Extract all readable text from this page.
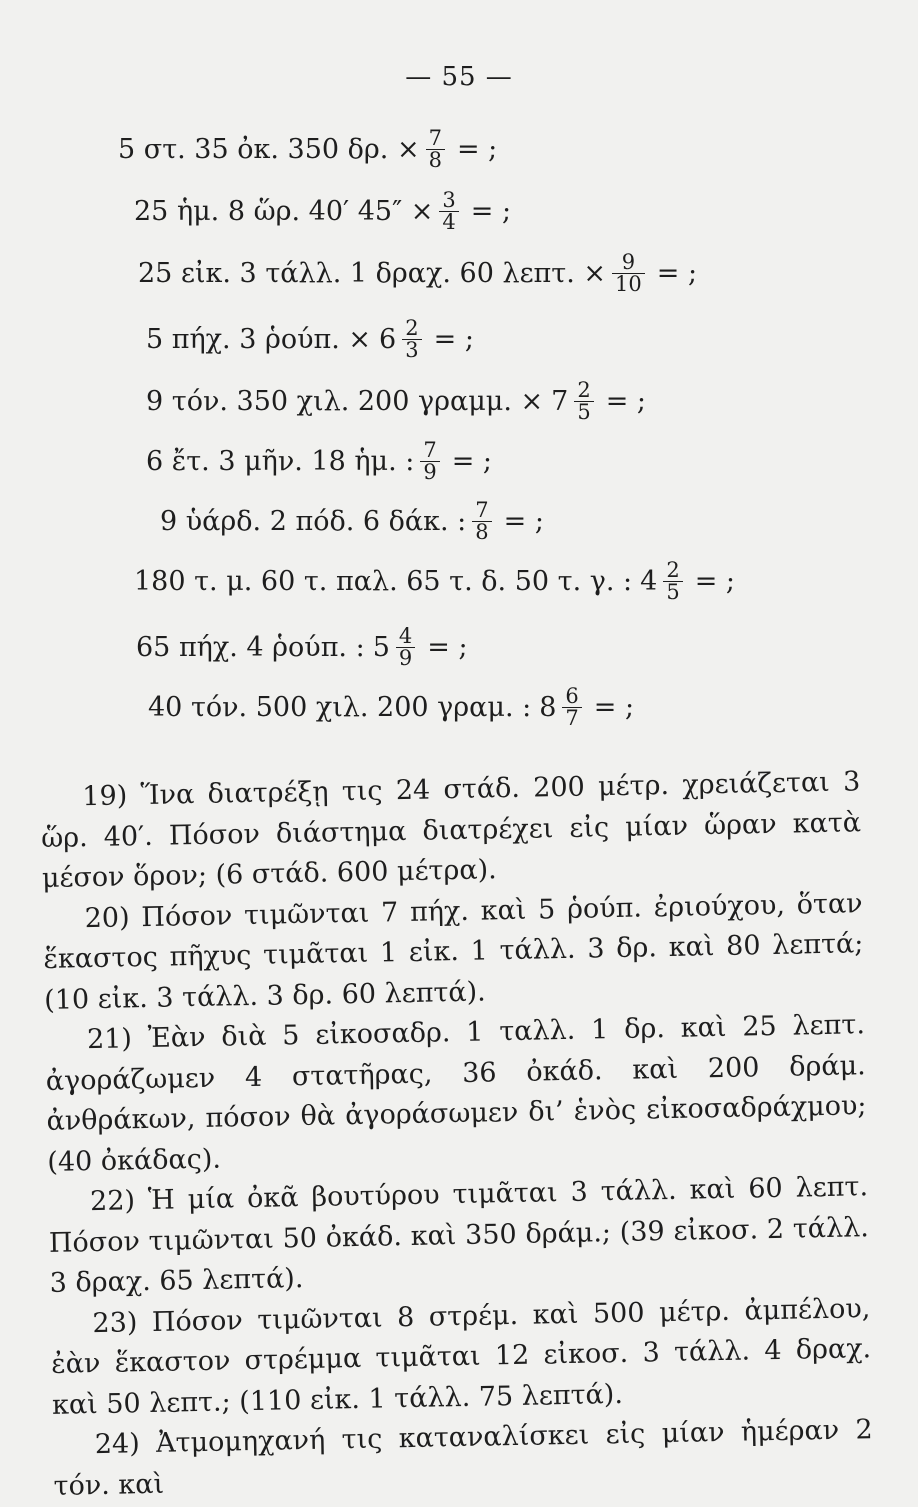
— 55 —
5 στ. 35 ὀκ. 350 δρ. × $\frac{7}{8}$ = ;
25 ἡμ. 8 ὥρ. 40′ $45'' \times \frac{3}{4}$ = ;
25 εἰκ. 3 τάλλ. 1 δραχ. 60 λεπτ. × $\frac{9}{10}$ = ;
5 πήχ. 3 ῥούπ. × $6 \frac{2}{3}$ = ;
9 τόν. 350 χιλ. 200 γραμμ. × $7 \frac{2}{5}$ = ;
6 ἔτ. 3 μῆν. 18 ἡμ. : $\frac{7}{9}$ = ;
9 ὑάρδ. 2 πόδ. 6 δάκ. : $\frac{7}{8}$ = ;
180 τ. μ. 60 τ. παλ. 65 τ. δ. 50 τ. γ. : $4 \frac{2}{5}$ = ;
65 πήχ. 4 ῥούπ. : $5 \frac{4}{9}$ = ;
40 τόν. 500 χιλ. 200 γραμ. : $8 \frac{6}{7}$ = ;

19) Ἵνα διατρέξῃ τις 24 στάδ. 200 μέτρ. χρειάζεται 3 ὥρ. 40′. Πόσον διάστημα διατρέχει εἰς μίαν ὥραν κατὰ μέσον ὅρον; (6 στάδ. 600 μέτρα).

20) Πόσον τιμῶνται 7 πήχ. καὶ 5 ῥούπ. ἐριούχου, ὅταν ἕκαστος πῆχυς τιμᾶται 1 εἰκ. 1 τάλλ. 3 δρ. καὶ 80 λεπτά; (10 εἰκ. 3 τάλλ. 3 δρ. 60 λεπτά).

21) Ἐὰν διὰ 5 εἰκοσαδρ. 1 ταλλ. 1 δρ. καὶ 25 λεπτ. ἀγοράζωμεν 4 στατῆρας, 36 ὀκάδ. καὶ 200 δράμ. ἀνθράκων, πόσον θὰ ἀγοράσωμεν δι’ ἑνὸς εἰκοσαδράχμου; (40 ὀκάδας).

22) Ἡ μία ὀκᾶ βουτύρου τιμᾶται 3 τάλλ. καὶ 60 λεπτ. Πόσον τιμῶνται 50 ὀκάδ. καὶ 350 δράμ.; (39 εἰκοσ. 2 τάλλ. 3 δραχ. 65 λεπτά).

23) Πόσον τιμῶνται 8 στρέμ. καὶ 500 μέτρ. ἀμπέλου, ἐὰν ἕκαστον στρέμμα τιμᾶται 12 εἰκοσ. 3 τάλλ. 4 δραχ. καὶ 50 λεπτ.; (110 εἰκ. 1 τάλλ. 75 λεπτά).

24) Ἀτμομηχανή τις καταναλίσκει εἰς μίαν ἡμέραν 2 τόν. καὶ
